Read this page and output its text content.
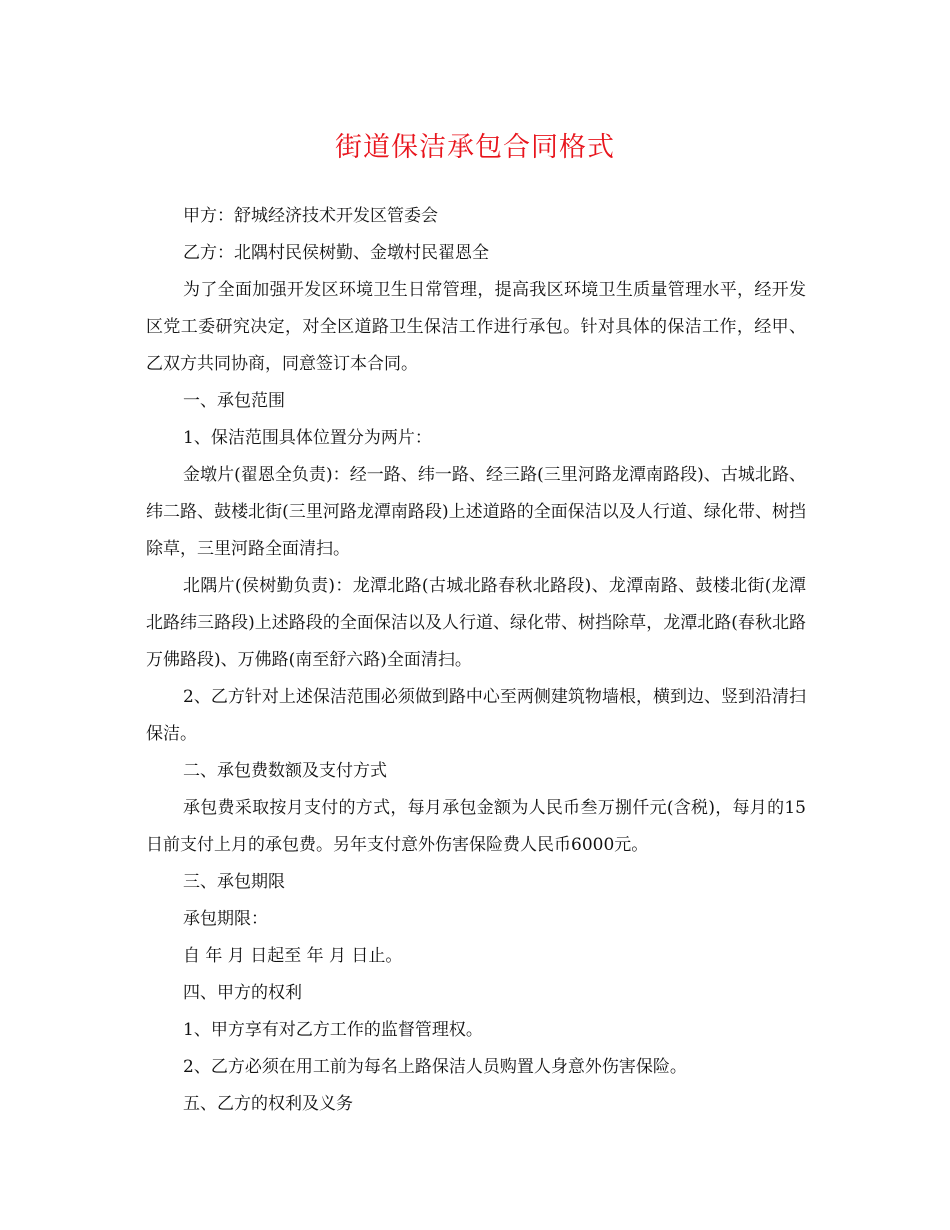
街道保洁承包合同格式

甲方：舒城经济技术开发区管委会

乙方：北隅村民侯树勤、金墩村民翟恩全

为了全面加强开发区环境卫生日常管理，提高我区环境卫生质量管理水平，经开发区党工委研究决定，对全区道路卫生保洁工作进行承包。针对具体的保洁工作，经甲、乙双方共同协商，同意签订本合同。

一、承包范围

1、保洁范围具体位置分为两片：

金墩片(翟恩全负责)：经一路、纬一路、经三路(三里河路龙潭南路段)、古城北路、纬二路、鼓楼北街(三里河路龙潭南路段)上述道路的全面保洁以及人行道、绿化带、树挡除草，三里河路全面清扫。

北隅片(侯树勤负责)：龙潭北路(古城北路春秋北路段)、龙潭南路、鼓楼北街(龙潭北路纬三路段)上述路段的全面保洁以及人行道、绿化带、树挡除草，龙潭北路(春秋北路万佛路段)、万佛路(南至舒六路)全面清扫。

2、乙方针对上述保洁范围必须做到路中心至两侧建筑物墙根，横到边、竖到沿清扫保洁。

二、承包费数额及支付方式

承包费采取按月支付的方式，每月承包金额为人民币叁万捌仟元(含税)，每月的15日前支付上月的承包费。另年支付意外伤害保险费人民币6000元。

三、承包期限

承包期限：

自 年 月 日起至 年 月 日止。

四、甲方的权利

1、甲方享有对乙方工作的监督管理权。

2、乙方必须在用工前为每名上路保洁人员购置人身意外伤害保险。

五、乙方的权利及义务
